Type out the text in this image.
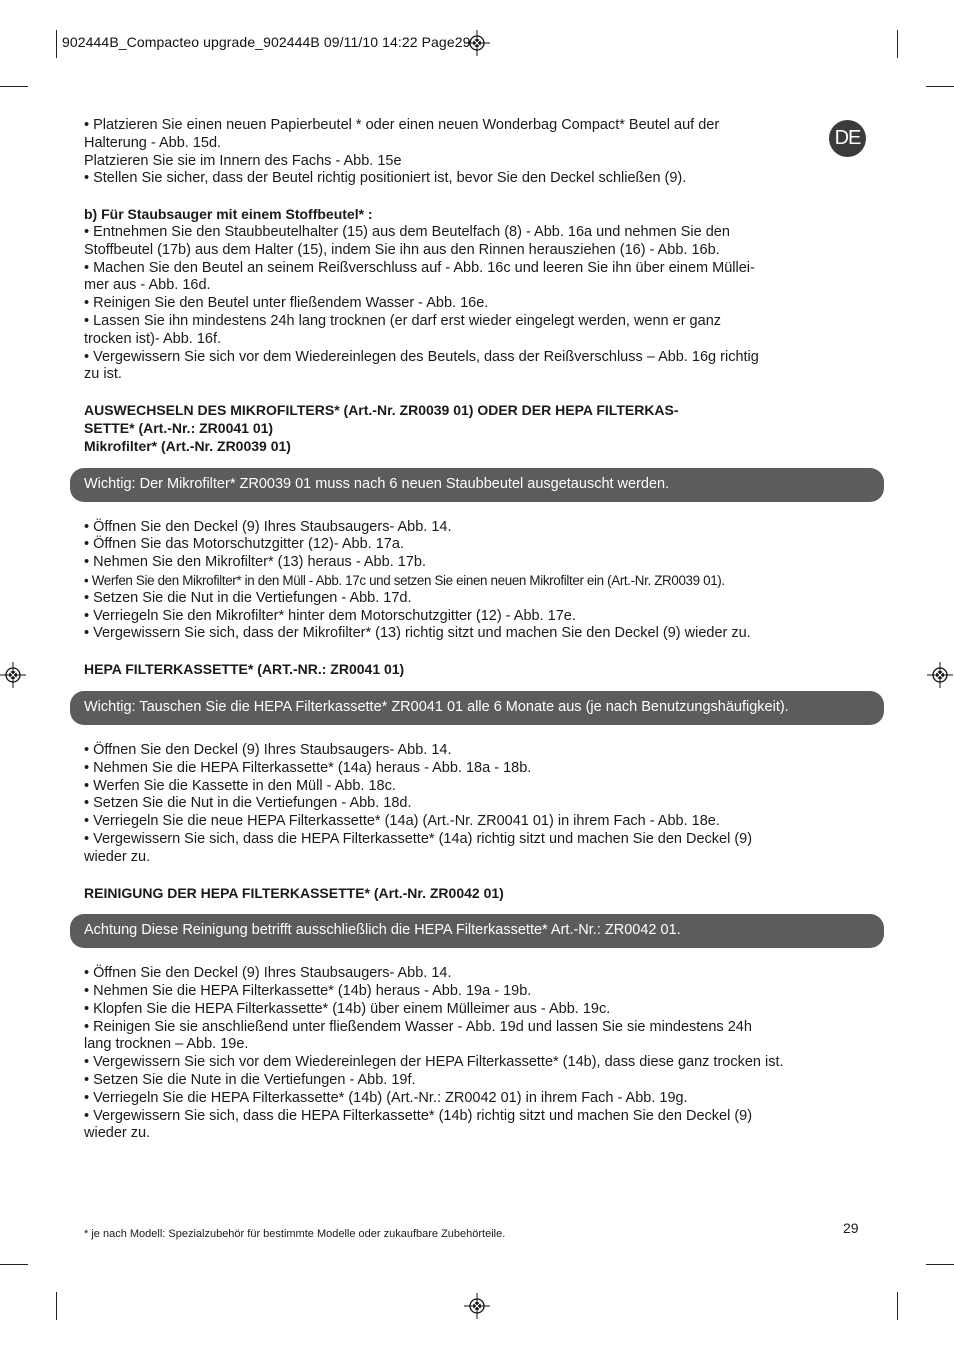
902444B_Compacteo upgrade_902444B 09/11/10 14:22 Page29
DE

• Platzieren Sie einen neuen Papierbeutel * oder einen neuen Wonderbag Compact* Beutel auf der

Halterung - Abb. 15d.

Platzieren Sie sie im Innern des Fachs - Abb. 15e

• Stellen Sie sicher, dass der Beutel richtig positioniert ist, bevor Sie den Deckel schließen (9).

b) Für Staubsauger mit einem Stoffbeutel* :

• Entnehmen Sie den Staubbeutelhalter (15) aus dem Beutelfach (8) - Abb. 16a und nehmen Sie den

Stoffbeutel (17b) aus dem Halter (15), indem Sie ihn aus den Rinnen herausziehen (16) - Abb. 16b.

• Machen Sie den Beutel an seinem Reißverschluss auf - Abb. 16c und leeren Sie ihn über einem Müllei-

mer aus - Abb. 16d.

• Reinigen Sie den Beutel unter fließendem Wasser - Abb. 16e.

• Lassen Sie ihn mindestens 24h lang trocknen (er darf erst wieder eingelegt werden, wenn er ganz

trocken ist)- Abb. 16f.

• Vergewissern Sie sich vor dem Wiedereinlegen des Beutels, dass der Reißverschluss – Abb. 16g richtig

zu ist.

AUSWECHSELN DES MIKROFILTERS* (Art.-Nr. ZR0039 01) ODER DER HEPA FILTERKAS-

SETTE* (Art.-Nr.: ZR0041 01)

Mikrofilter* (Art.-Nr. ZR0039 01)

Wichtig: Der Mikrofilter* ZR0039 01 muss nach 6 neuen Staubbeutel ausgetauscht werden.

• Öffnen Sie den Deckel (9) Ihres Staubsaugers- Abb. 14.

• Öffnen Sie das Motorschutzgitter (12)- Abb. 17a.

• Nehmen Sie den Mikrofilter* (13) heraus - Abb. 17b.

• Werfen Sie den Mikrofilter* in den Müll - Abb. 17c und setzen Sie einen neuen Mikrofilter ein (Art.-Nr. ZR0039 01).

• Setzen Sie die Nut in die Vertiefungen - Abb. 17d.

• Verriegeln Sie den Mikrofilter* hinter dem Motorschutzgitter (12) - Abb. 17e.

• Vergewissern Sie sich, dass der Mikrofilter* (13) richtig sitzt und machen Sie den Deckel (9) wieder zu.

HEPA FILTERKASSETTE* (ART.-NR.: ZR0041 01)

Wichtig: Tauschen Sie die HEPA Filterkassette* ZR0041 01 alle 6 Monate aus (je nach Benutzungshäufigkeit).

• Öffnen Sie den Deckel (9) Ihres Staubsaugers- Abb. 14.

• Nehmen Sie die HEPA Filterkassette* (14a) heraus - Abb. 18a - 18b.

• Werfen Sie die Kassette in den Müll - Abb. 18c.

• Setzen Sie die Nut in die Vertiefungen - Abb. 18d.

• Verriegeln Sie die neue HEPA Filterkassette* (14a) (Art.-Nr. ZR0041 01) in ihrem Fach - Abb. 18e.

• Vergewissern Sie sich, dass die HEPA Filterkassette* (14a) richtig sitzt und machen Sie den Deckel (9)

wieder zu.

REINIGUNG DER HEPA FILTERKASSETTE* (Art.-Nr. ZR0042 01)

Achtung Diese Reinigung betrifft ausschließlich die HEPA Filterkassette* Art.-Nr.: ZR0042 01.

• Öffnen Sie den Deckel (9) Ihres Staubsaugers- Abb. 14.

• Nehmen Sie die HEPA Filterkassette* (14b) heraus - Abb. 19a - 19b.

• Klopfen Sie die HEPA Filterkassette* (14b) über einem Mülleimer aus - Abb. 19c.

• Reinigen Sie sie anschließend unter fließendem Wasser - Abb. 19d und lassen Sie sie mindestens 24h

lang trocknen – Abb. 19e.

• Vergewissern Sie sich vor dem Wiedereinlegen der HEPA Filterkassette* (14b), dass diese ganz trocken ist.

• Setzen Sie die Nute in die Vertiefungen - Abb. 19f.

• Verriegeln Sie die HEPA Filterkassette* (14b) (Art.-Nr.: ZR0042 01) in ihrem Fach - Abb. 19g.

• Vergewissern Sie sich, dass die HEPA Filterkassette* (14b) richtig sitzt und machen Sie den Deckel (9)

wieder zu.

29
* je nach Modell: Spezialzubehör für bestimmte Modelle oder zukaufbare Zubehörteile.
